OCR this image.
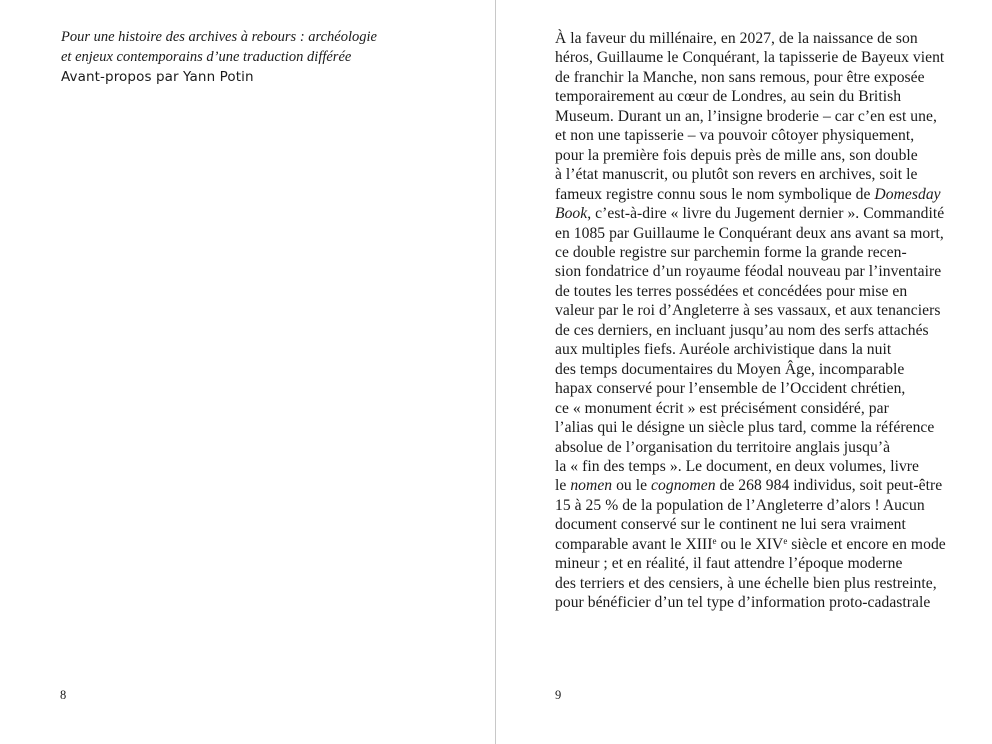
Pour une histoire des archives à rebours : archéologie
et enjeux contemporains d’une traduction différée
Avant-propos par Yann Potin
8
À la faveur du millénaire, en 2027, de la naissance de son
héros, Guillaume le Conquérant, la tapisserie de Bayeux vient
de franchir la Manche, non sans remous, pour être exposée
temporairement au cœur de Londres, au sein du British
Museum. Durant un an, l’insigne broderie – car c’en est une,
et non une tapisserie – va pouvoir côtoyer physiquement,
pour la première fois depuis près de mille ans, son double
à l’état manuscrit, ou plutôt son revers en archives, soit le
fameux registre connu sous le nom symbolique de Domesday
Book, c’est-à-dire « livre du Jugement dernier ». Commandité
en 1085 par Guillaume le Conquérant deux ans avant sa mort,
ce double registre sur parchemin forme la grande recen-
sion fondatrice d’un royaume féodal nouveau par l’inventaire
de toutes les terres possédées et concédées pour mise en
valeur par le roi d’Angleterre à ses vassaux, et aux tenanciers
de ces derniers, en incluant jusqu’au nom des serfs attachés
aux multiples fiefs. Auréole archivistique dans la nuit
des temps documentaires du Moyen Âge, incomparable
hapax conservé pour l’ensemble de l’Occident chrétien,
ce « monument écrit » est précisément considéré, par
l’alias qui le désigne un siècle plus tard, comme la référence
absolue de l’organisation du territoire anglais jusqu’à
la « fin des temps ». Le document, en deux volumes, livre
le nomen ou le cognomen de 268 984 individus, soit peut-être
15 à 25 % de la population de l’Angleterre d’alors ! Aucun
document conservé sur le continent ne lui sera vraiment
comparable avant le XIIIe ou le XIVe siècle et encore en mode
mineur ; et en réalité, il faut attendre l’époque moderne
des terriers et des censiers, à une échelle bien plus restreinte,
pour bénéficier d’un tel type d’information proto-cadastrale
9
